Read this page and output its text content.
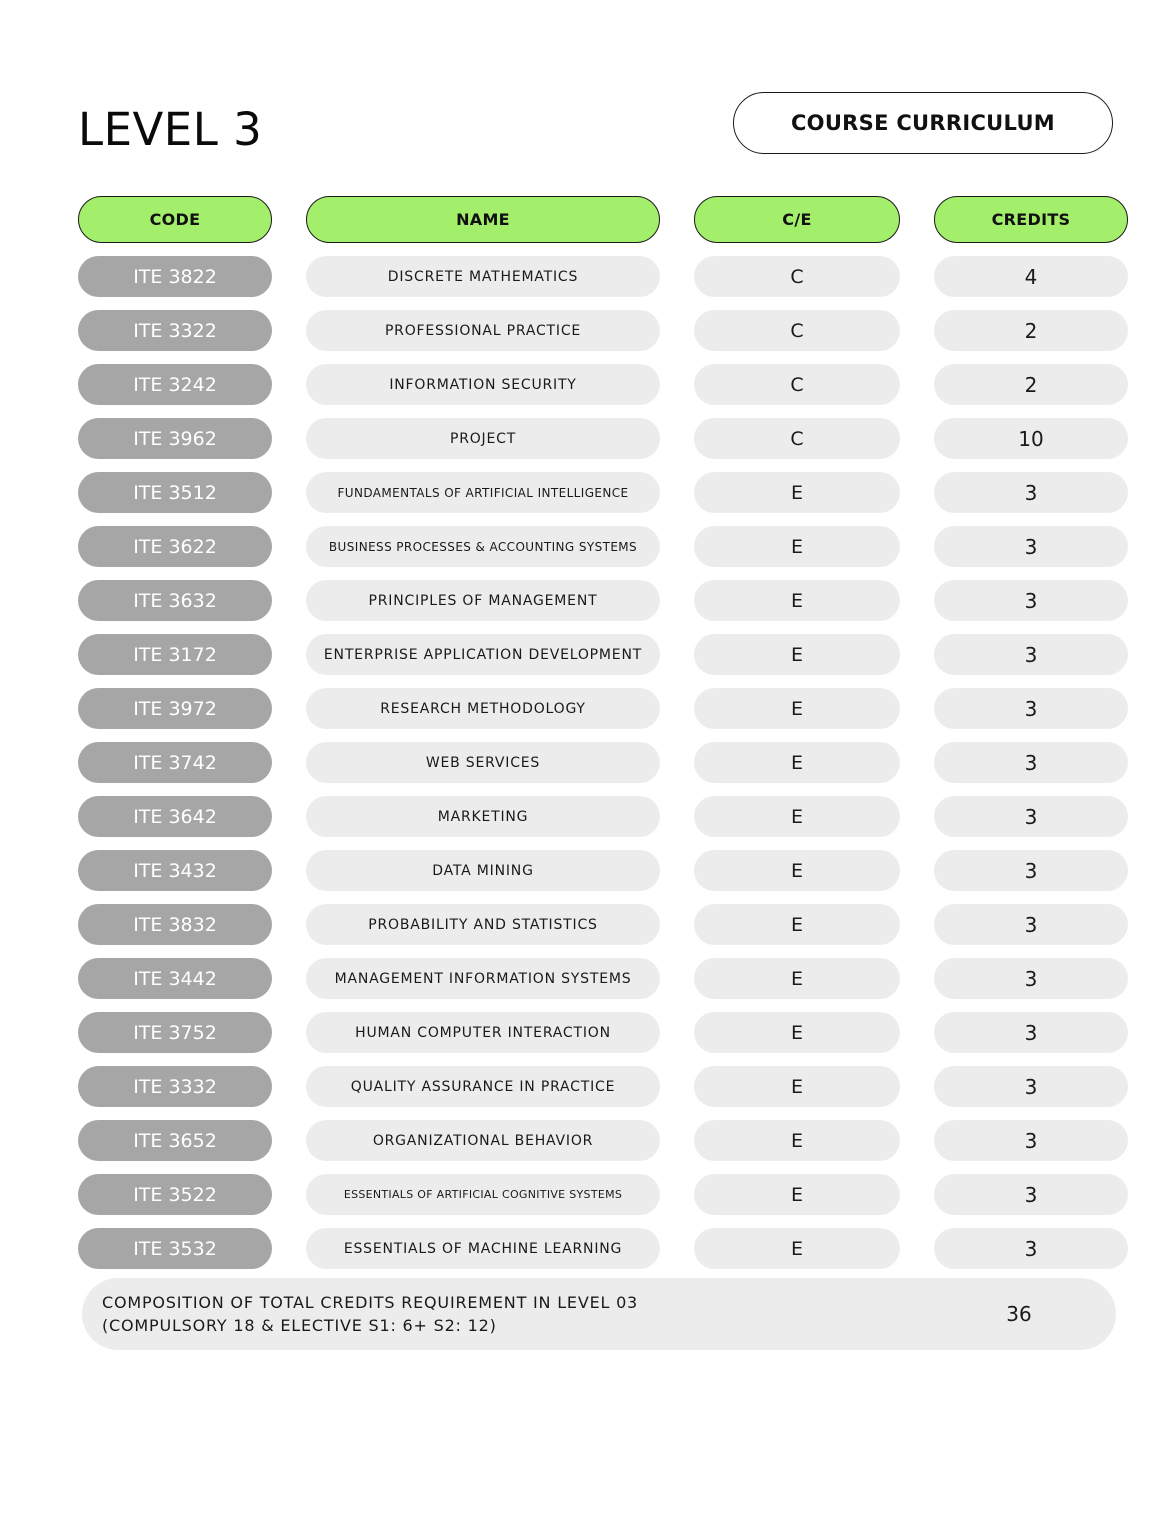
LEVEL 3	COURSE CURRICULUM
CODE	NAME	C/E	CREDITS
ITE 3822	DISCRETE MATHEMATICS	C	4
ITE 3322	PROFESSIONAL PRACTICE	C	2
ITE 3242	INFORMATION SECURITY	C	2
ITE 3962	PROJECT	C	10
ITE 3512	FUNDAMENTALS OF ARTIFICIAL INTELLIGENCE	E	3
ITE 3622	BUSINESS PROCESSES & ACCOUNTING SYSTEMS	E	3
ITE 3632	PRINCIPLES OF MANAGEMENT	E	3
ITE 3172	ENTERPRISE APPLICATION DEVELOPMENT	E	3
ITE 3972	RESEARCH METHODOLOGY	E	3
ITE 3742	WEB SERVICES	E	3
ITE 3642	MARKETING	E	3
ITE 3432	DATA MINING	E	3
ITE 3832	PROBABILITY AND STATISTICS	E	3
ITE 3442	MANAGEMENT INFORMATION SYSTEMS	E	3
ITE 3752	HUMAN COMPUTER INTERACTION	E	3
ITE 3332	QUALITY ASSURANCE IN PRACTICE	E	3
ITE 3652	ORGANIZATIONAL BEHAVIOR	E	3
ITE 3522	ESSENTIALS OF ARTIFICIAL COGNITIVE SYSTEMS	E	3
ITE 3532	ESSENTIALS OF MACHINE LEARNING	E	3
COMPOSITION OF TOTAL CREDITS REQUIREMENT IN LEVEL 03
(COMPULSORY 18 & ELECTIVE S1: 6+ S2: 12)	36
